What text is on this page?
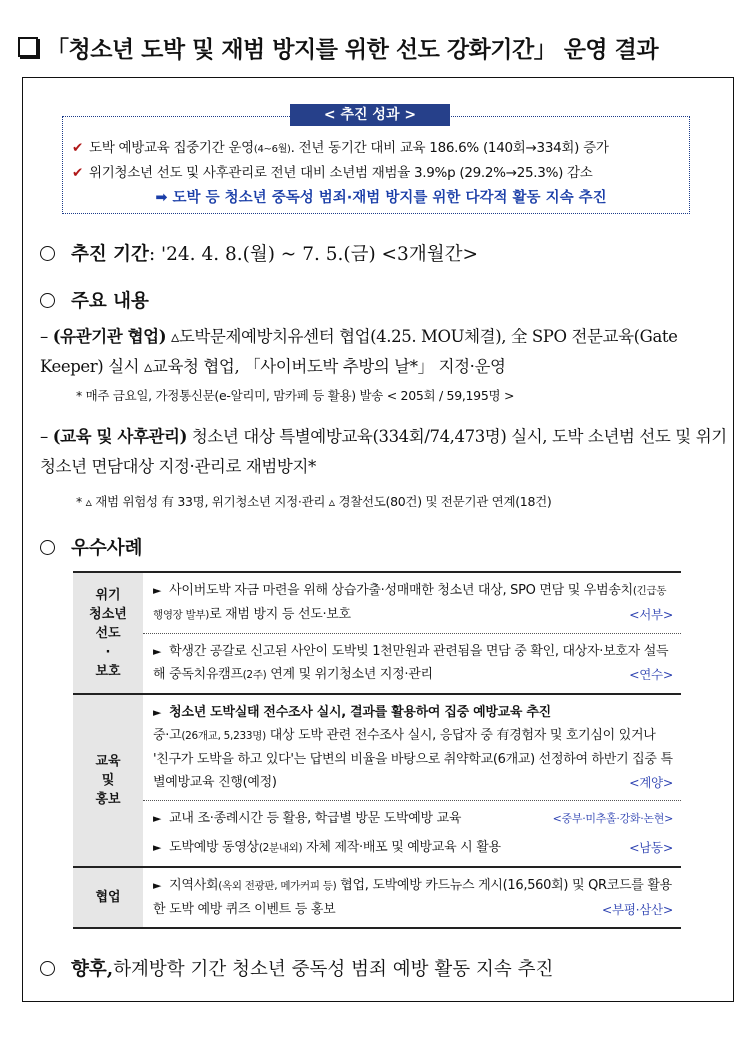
「청소년 도박 및 재범 방지를 위한 선도 강화기간」 운영 결과
< 추진 성과 >
✔ 도박 예방교육 집중기간 운영(4~6월). 전년 동기간 대비 교육 186.6% (140회→334회) 증가
✔ 위기청소년 선도 및 사후관리로 전년 대비 소년범 재범율 3.9%p (29.2%→25.3%) 감소
➡ 도박 등 청소년 중독성 범죄·재범 방지를 위한 다각적 활동 지속 추진
추진 기간 : '24. 4. 8.(월) ~ 7. 5.(금) <3개월간>
주요 내용
– (유관기관 협업) ▵도박문제예방치유센터 협업(4.25. MOU체결), 全 SPO 전문교육(Gate Keeper) 실시 ▵교육청 협업, 「사이버도박 추방의 날*」 지정·운영
* 매주 금요일, 가정통신문(e-알리미, 맘카페 등 활용) 발송 < 205회 / 59,195명 >
– (교육 및 사후관리) 청소년 대상 특별예방교육(334회/74,473명) 실시, 도박 소년범 선도 및 위기청소년 면담대상 지정·관리로 재범방지*
* ▵ 재범 위험성 有 33명, 위기청소년 지정·관리 ▵ 경찰선도(80건) 및 전문기관 연계(18건)
우수사례
위기
청소년
선도
·
보호	► 사이버도박 자금 마련을 위해 상습가출·성매매한 청소년 대상, SPO 면담 및 우범송치(긴급동행영장 발부)로 재범 방지 등 선도·보호 <서부>

	► 학생간 공갈로 신고된 사안이 도박빚 1천만원과 관련됨을 면담 중 확인, 대상자·보호자 설득해 중독치유캠프(2주) 연계 및 위기청소년 지정·관리 <연수>

교육
및
홍보	► 청소년 도박실태 전수조사 실시, 결과를 활용하여 집중 예방교육 추진
중·고(26개교, 5,233명) 대상 도박 관련 전수조사 실시, 응답자 중 有경험자 및 호기심이 있거나 '친구가 도박을 하고 있다'는 답변의 비율을 바탕으로 취약학교(6개교) 선정하여 하반기 집중 특별예방교육 진행(예정) <계양>

	► 교내 조·종례시간 등 활용, 학급별 방문 도박예방 교육 <중부·미추홀·강화·논현>

	► 도박예방 동영상(2분내외) 자체 제작·배포 및 예방교육 시 활용 <남동>

협업	► 지역사회(옥외 전광판, 메가커피 등) 협업, 도박예방 카드뉴스 게시(16,560회) 및 QR코드를 활용한 도박 예방 퀴즈 이벤트 등 홍보 <부평·삼산>
향후, 하계방학 기간 청소년 중독성 범죄 예방 활동 지속 추진
